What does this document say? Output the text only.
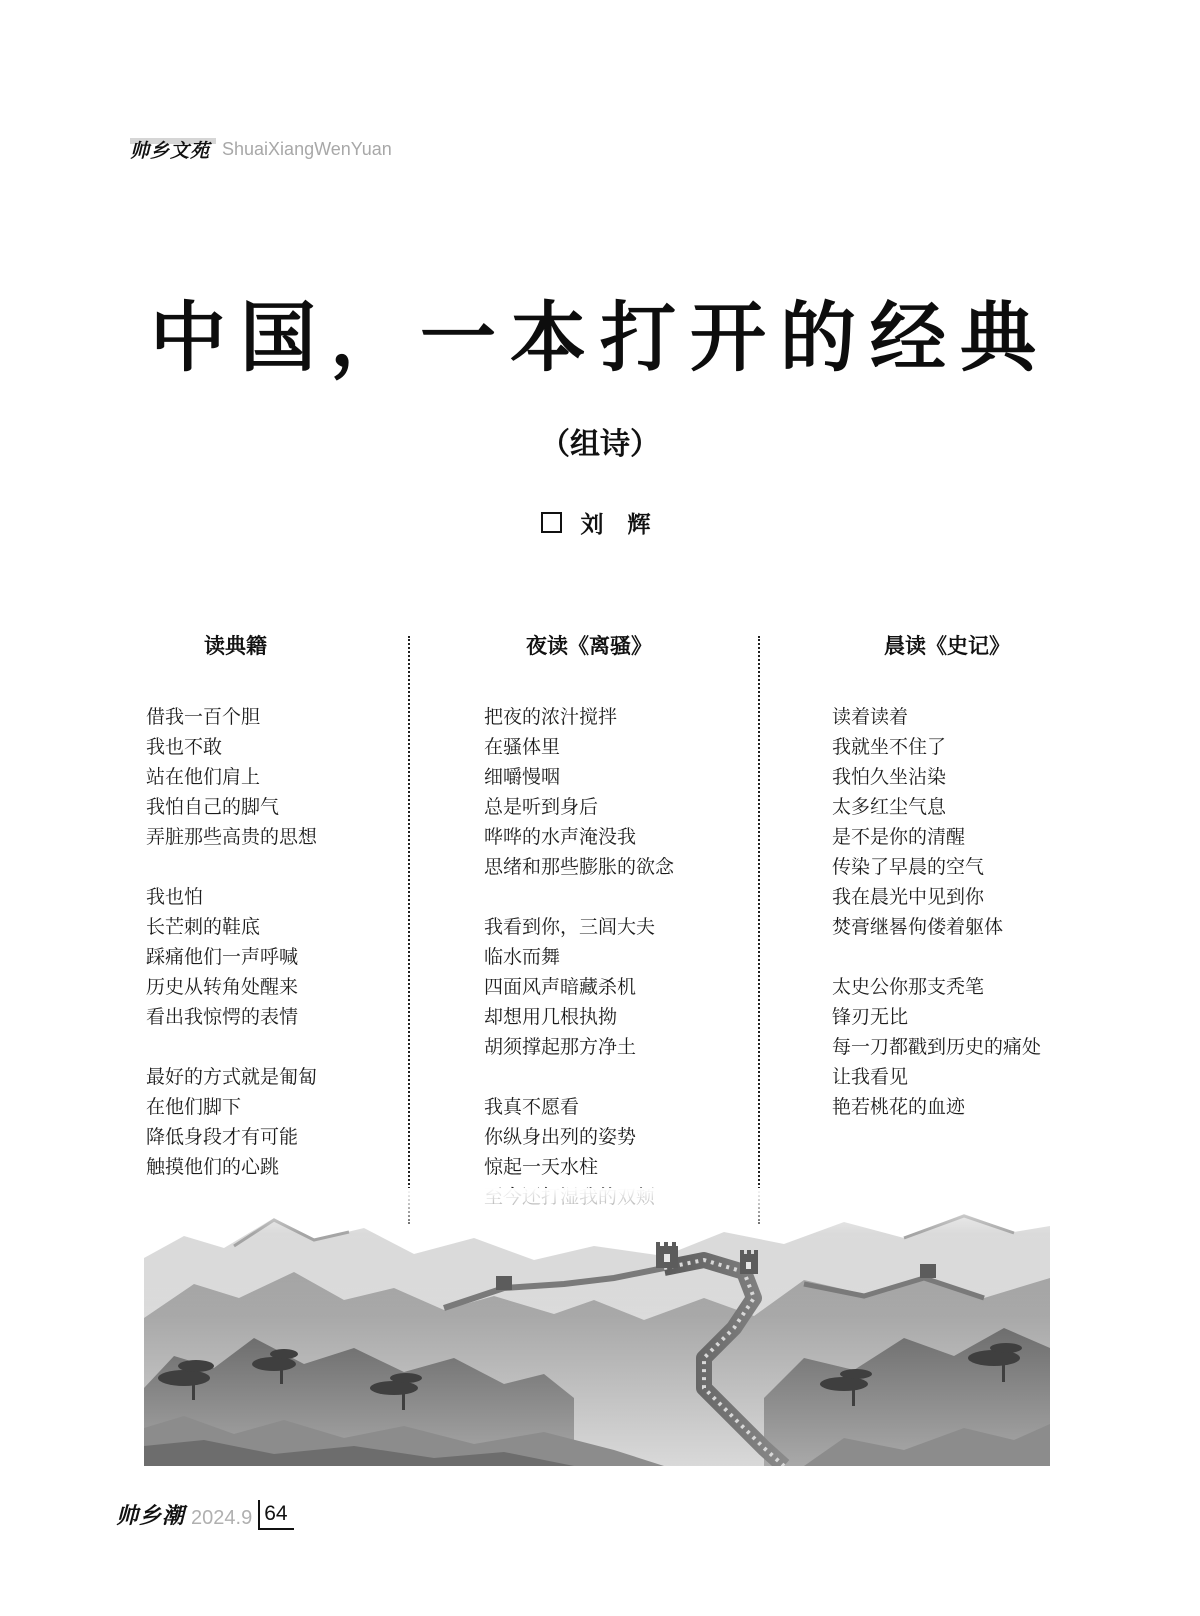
帅乡文苑 ShuaiXiangWenYuan
中国，一本打开的经典
（组诗）
刘 辉
读典籍
借我一百个胆
我也不敢
站在他们肩上
我怕自己的脚气
弄脏那些高贵的思想
我也怕
长芒刺的鞋底
踩痛他们一声呼喊
历史从转角处醒来
看出我惊愕的表情
最好的方式就是匍匐
在他们脚下
降低身段才有可能
触摸他们的心跳
夜读《离骚》
把夜的浓汁搅拌
在骚体里
细嚼慢咽
总是听到身后
哗哗的水声淹没我
思绪和那些膨胀的欲念
我看到你，三闾大夫
临水而舞
四面风声暗藏杀机
却想用几根执拗
胡须撑起那方净土
我真不愿看
你纵身出列的姿势
惊起一天水柱
晨读《史记》
读着读着
我就坐不住了
我怕久坐沾染
太多红尘气息
是不是你的清醒
传染了早晨的空气
我在晨光中见到你
焚膏继晷佝偻着躯体
太史公你那支秃笔
锋刃无比
每一刀都戳到历史的痛处
让我看见
艳若桃花的血迹
帅乡潮 2024.9 64
